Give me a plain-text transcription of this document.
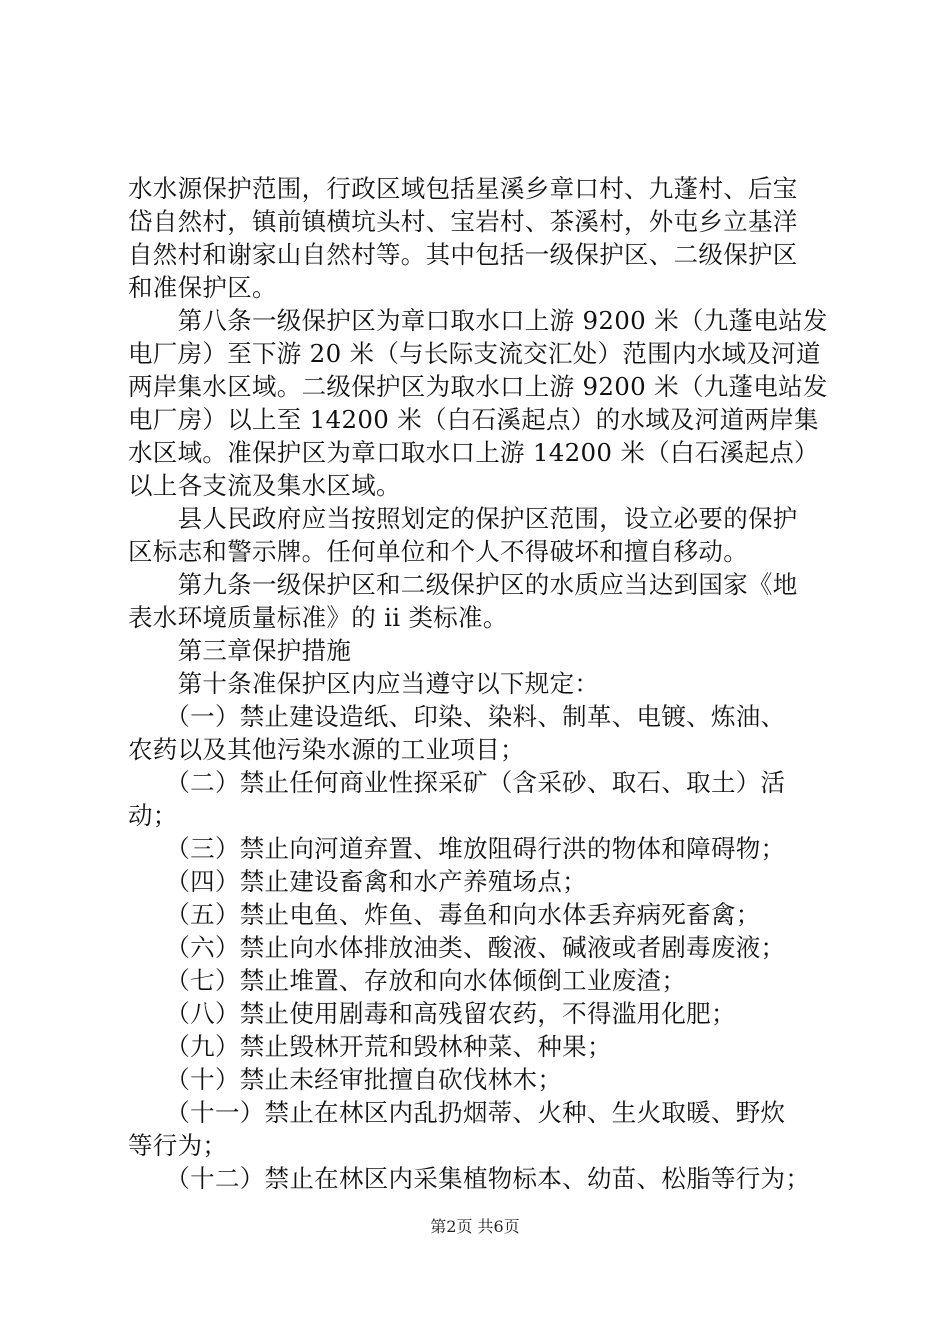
水水源保护范围，行政区域包括星溪乡章口村、九蓬村、后宝
岱自然村，镇前镇横坑头村、宝岩村、茶溪村，外屯乡立基洋
自然村和谢家山自然村等。其中包括一级保护区、二级保护区
和准保护区。
　　第八条一级保护区为章口取水口上游 9200 米（九蓬电站发
电厂房）至下游 20 米（与长际支流交汇处）范围内水域及河道
两岸集水区域。二级保护区为取水口上游 9200 米（九蓬电站发
电厂房）以上至 14200 米（白石溪起点）的水域及河道两岸集
水区域。准保护区为章口取水口上游 14200 米（白石溪起点）
以上各支流及集水区域。
　　县人民政府应当按照划定的保护区范围，设立必要的保护
区标志和警示牌。任何单位和个人不得破坏和擅自移动。
　　第九条一级保护区和二级保护区的水质应当达到国家《地
表水环境质量标准》的 ii 类标准。
　　第三章保护措施
　　第十条准保护区内应当遵守以下规定：
　　（一）禁止建设造纸、印染、染料、制革、电镀、炼油、
农药以及其他污染水源的工业项目；
　　（二）禁止任何商业性探采矿（含采砂、取石、取土）活
动；
　　（三）禁止向河道弃置、堆放阻碍行洪的物体和障碍物；
　　（四）禁止建设畜禽和水产养殖场点；
　　（五）禁止电鱼、炸鱼、毒鱼和向水体丢弃病死畜禽；
　　（六）禁止向水体排放油类、酸液、碱液或者剧毒废液；
　　（七）禁止堆置、存放和向水体倾倒工业废渣；
　　（八）禁止使用剧毒和高残留农药，不得滥用化肥；
　　（九）禁止毁林开荒和毁林种菜、种果；
　　（十）禁止未经审批擅自砍伐林木；
　　（十一）禁止在林区内乱扔烟蒂、火种、生火取暖、野炊
等行为；
　　（十二）禁止在林区内采集植物标本、幼苗、松脂等行为；
第2页 共6页
